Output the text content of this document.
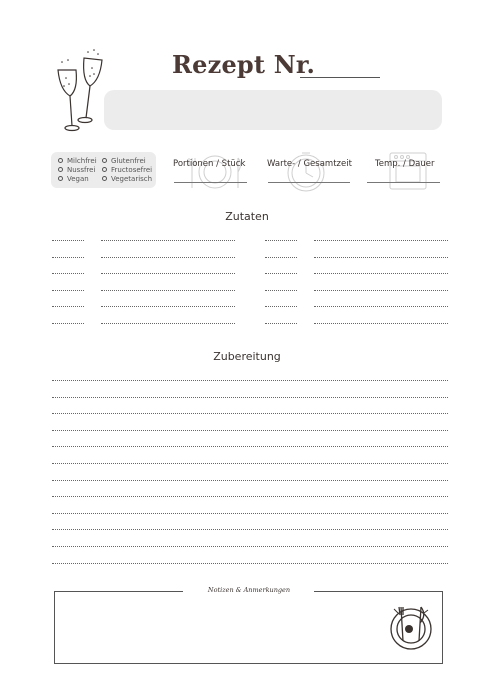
Rezept Nr.
Milchfrei
Nussfrei
Vegan
Glutenfrei
Fructosefrei
Vegetarisch
Portionen / Stück	Warte- / Gesamtzeit	Temp. / Dauer
Zutaten
Zubereitung
Notizen & Anmerkungen
